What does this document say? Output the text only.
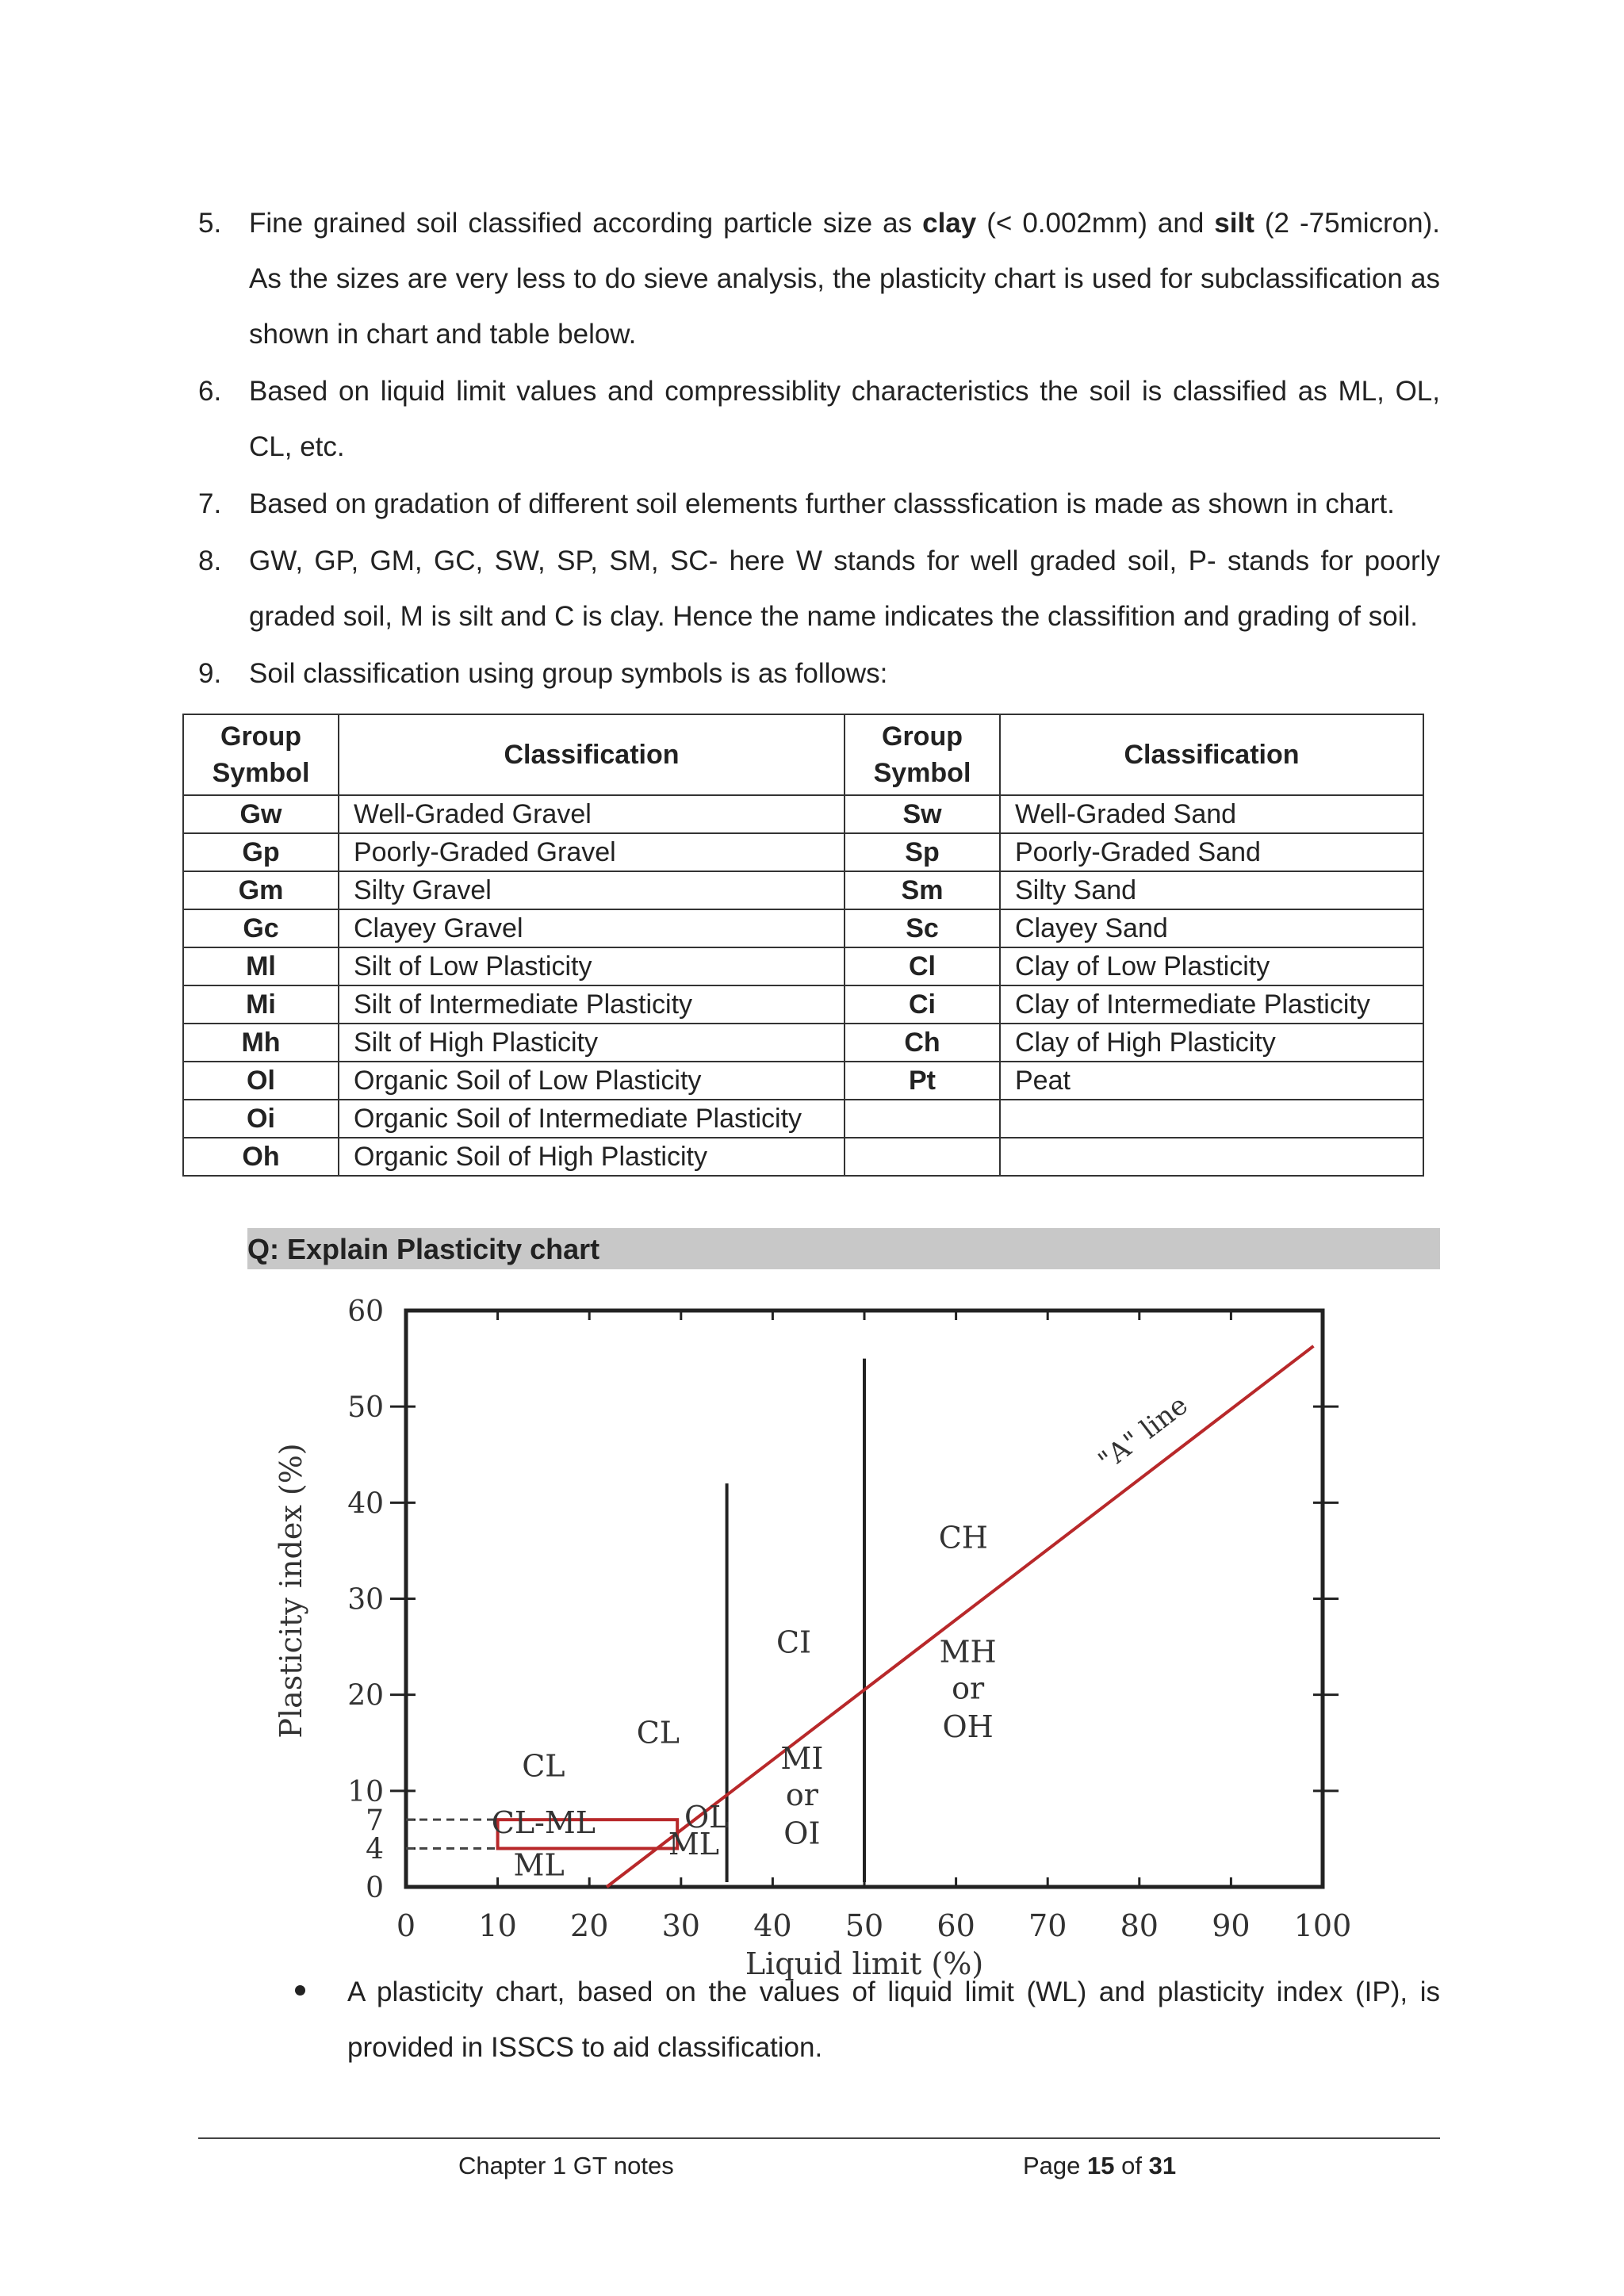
5. Fine grained soil classified according particle size as clay (< 0.002mm) and silt (2 -75micron). As the sizes are very less to do sieve analysis, the plasticity chart is used for subclassification as shown in chart and table below.
6. Based on liquid limit values and compressiblity characteristics the soil is classified as ML, OL, CL, etc.
7. Based on gradation of different soil elements further classsfication is made as shown in chart.
8. GW, GP, GM, GC, SW, SP, SM, SC- here W stands for well graded soil, P- stands for poorly graded soil, M is silt and C is clay. Hence the name indicates the classifition and grading of soil.
9. Soil classification using group symbols is as follows:
Group Symbol	Classification	Group Symbol	Classification
Gw	Well-Graded Gravel	Sw	Well-Graded Sand
Gp	Poorly-Graded Gravel	Sp	Poorly-Graded Sand
Gm	Silty Gravel	Sm	Silty Sand
Gc	Clayey Gravel	Sc	Clayey Sand
Ml	Silt of Low Plasticity	Cl	Clay of Low Plasticity
Mi	Silt of Intermediate Plasticity	Ci	Clay of Intermediate Plasticity
Mh	Silt of High Plasticity	Ch	Clay of High Plasticity
Ol	Organic Soil of Low Plasticity	Pt	Peat
Oi	Organic Soil of Intermediate Plasticity		
Oh	Organic Soil of High Plasticity		
Q: Explain Plasticity chart
0 10 20 30 40 50 60 70 80 90 100
0
4
7
10
20
30
40
50
60
"A" line
CL
CL-ML
ML
OL
ML
CL
CI
MI
or
OI
CH
MH
or
OH
Liquid limit (%)
Plasticity index (%)
A plasticity chart, based on the values of liquid limit (WL) and plasticity index (IP), is provided in ISSCS to aid classification.
Chapter 1 GT notes	Page 15 of 31
